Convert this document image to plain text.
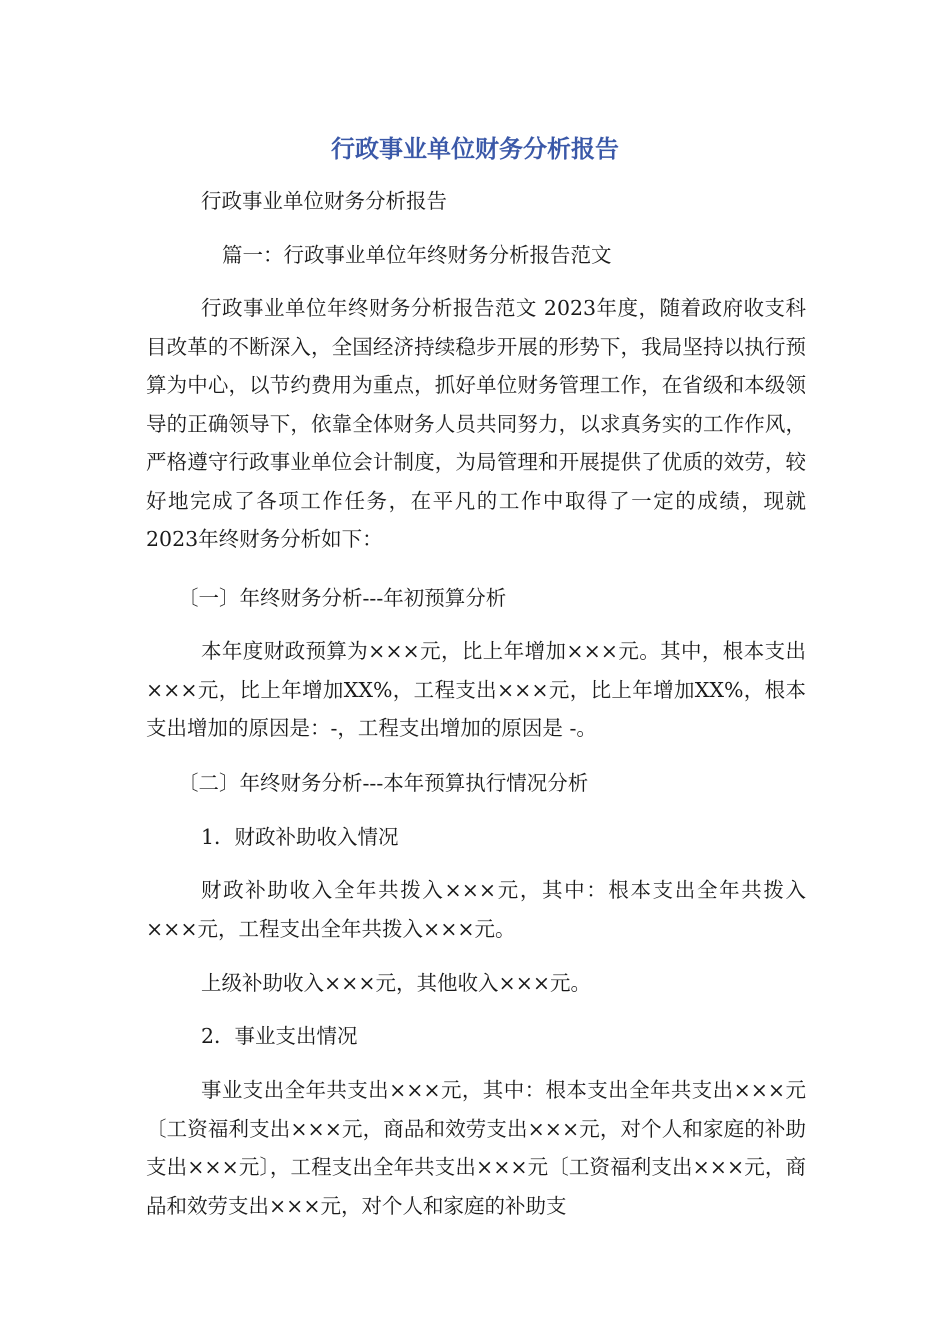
行政事业单位财务分析报告

行政事业单位财务分析报告

篇一：行政事业单位年终财务分析报告范文

行政事业单位年终财务分析报告范文 2023年度，随着政府收支科目改革的不断深入，全国经济持续稳步开展的形势下，我局坚持以执行预算为中心，以节约费用为重点，抓好单位财务管理工作，在省级和本级领导的正确领导下，依靠全体财务人员共同努力，以求真务实的工作作风，严格遵守行政事业单位会计制度，为局管理和开展提供了优质的效劳，较好地完成了各项工作任务，在平凡的工作中取得了一定的成绩，现就2023年终财务分析如下：

〔一〕年终财务分析---年初预算分析

本年度财政预算为×××元，比上年增加×××元。其中，根本支出×××元，比上年增加XX%，工程支出×××元，比上年增加XX%，根本支出增加的原因是：-，工程支出增加的原因是 -。

〔二〕年终财务分析---本年预算执行情况分析

1．财政补助收入情况

财政补助收入全年共拨入×××元，其中：根本支出全年共拨入×××元，工程支出全年共拨入×××元。

上级补助收入×××元，其他收入×××元。

2．事业支出情况

事业支出全年共支出×××元，其中：根本支出全年共支出×××元〔工资福利支出×××元，商品和效劳支出×××元，对个人和家庭的补助支出×××元〕，工程支出全年共支出×××元〔工资福利支出×××元，商品和效劳支出×××元，对个人和家庭的补助支
